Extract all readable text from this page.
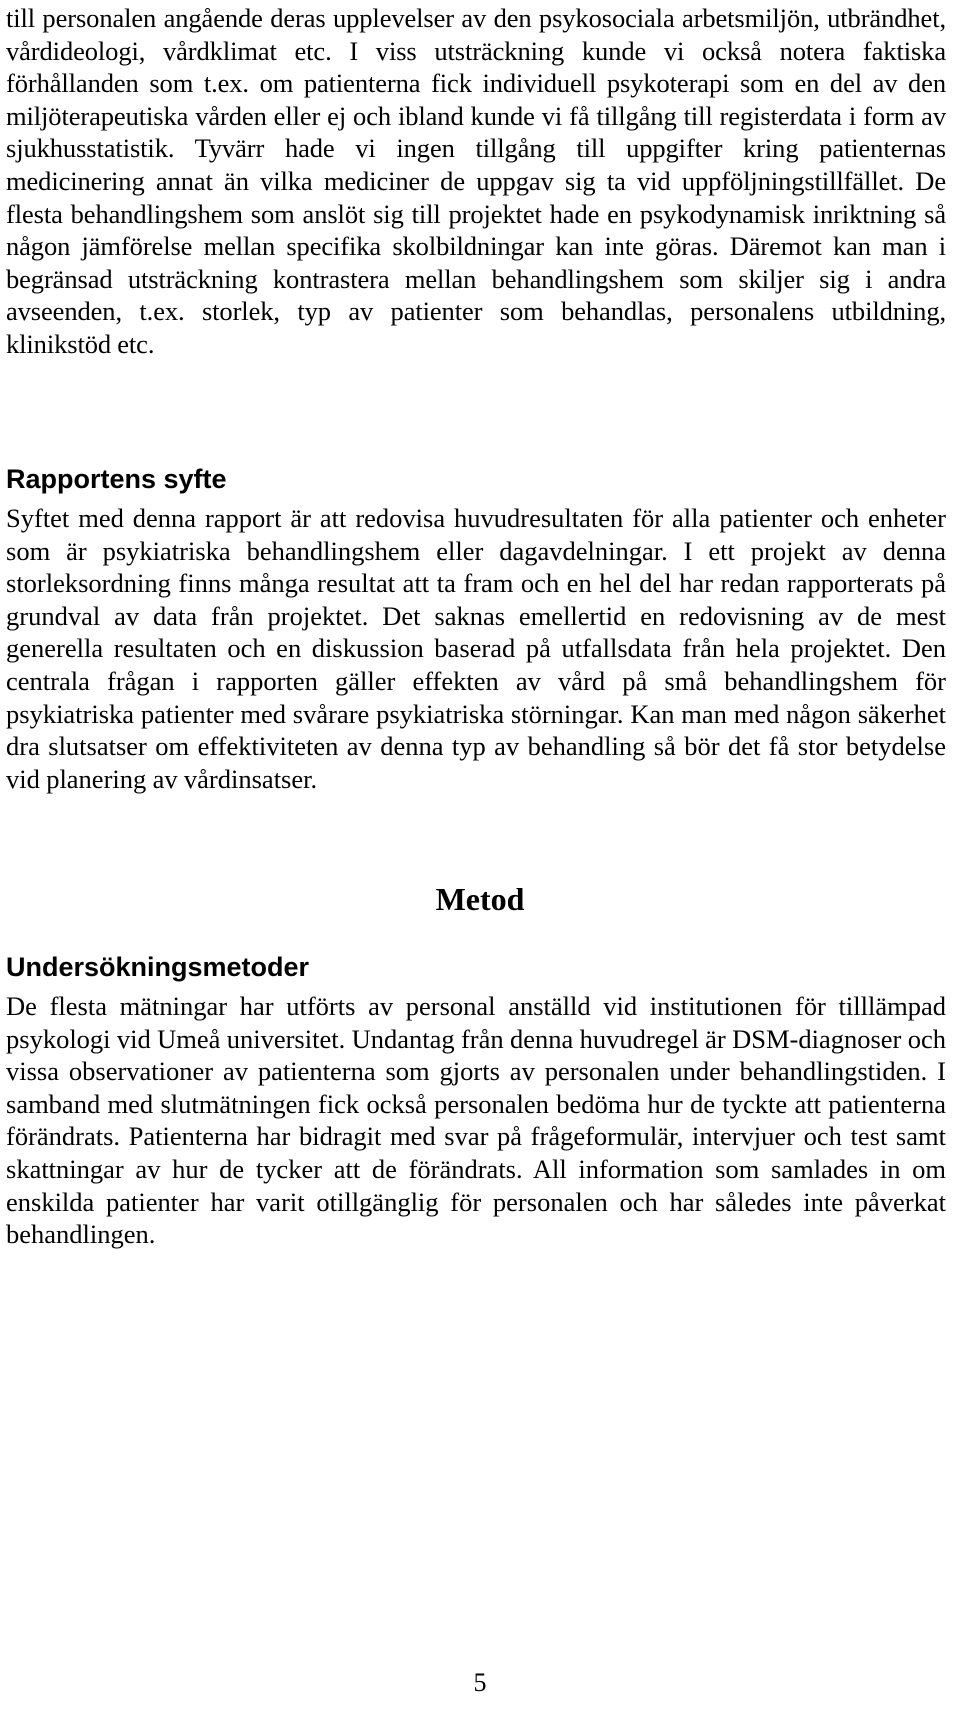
till personalen angående deras upplevelser av den psykosociala arbetsmiljön, utbrändhet, vårdideologi, vårdklimat etc. I viss utsträckning kunde vi också notera faktiska förhållanden som t.ex. om patienterna fick individuell psykoterapi som en del av den miljöterapeutiska vården eller ej och ibland kunde vi få tillgång till registerdata i form av sjukhusstatistik. Tyvärr hade vi ingen tillgång till uppgifter kring patienternas medicinering annat än vilka mediciner de uppgav sig ta vid uppföljningstillfället. De flesta behandlingshem som anslöt sig till projektet hade en psykodynamisk inriktning så någon jämförelse mellan specifika skolbildningar kan inte göras. Däremot kan man i begränsad utsträckning kontrastera mellan behandlingshem som skiljer sig i andra avseenden, t.ex. storlek, typ av patienter som behandlas, personalens utbildning, klinikstöd etc.

Rapportens syfte

Syftet med denna rapport är att redovisa huvudresultaten för alla patienter och enheter som är psykiatriska behandlingshem eller dagavdelningar. I ett projekt av denna storleksordning finns många resultat att ta fram och en hel del har redan rapporterats på grundval av data från projektet. Det saknas emellertid en redovisning av de mest generella resultaten och en diskussion baserad på utfallsdata från hela projektet. Den centrala frågan i rapporten gäller effekten av vård på små behandlingshem för psykiatriska patienter med svårare psykiatriska störningar. Kan man med någon säkerhet dra slutsatser om effektiviteten av denna typ av behandling så bör det få stor betydelse vid planering av vårdinsatser.

Metod
Undersökningsmetoder

De flesta mätningar har utförts av personal anställd vid institutionen för tilllämpad psykologi vid Umeå universitet. Undantag från denna huvudregel är DSM-diagnoser och vissa observationer av patienterna som gjorts av personalen under behandlingstiden. I samband med slutmätningen fick också personalen bedöma hur de tyckte att patienterna förändrats. Patienterna har bidragit med svar på frågeformulär, intervjuer och test samt skattningar av hur de tycker att de förändrats. All information som samlades in om enskilda patienter har varit otillgänglig för personalen och har således inte påverkat behandlingen.

5
